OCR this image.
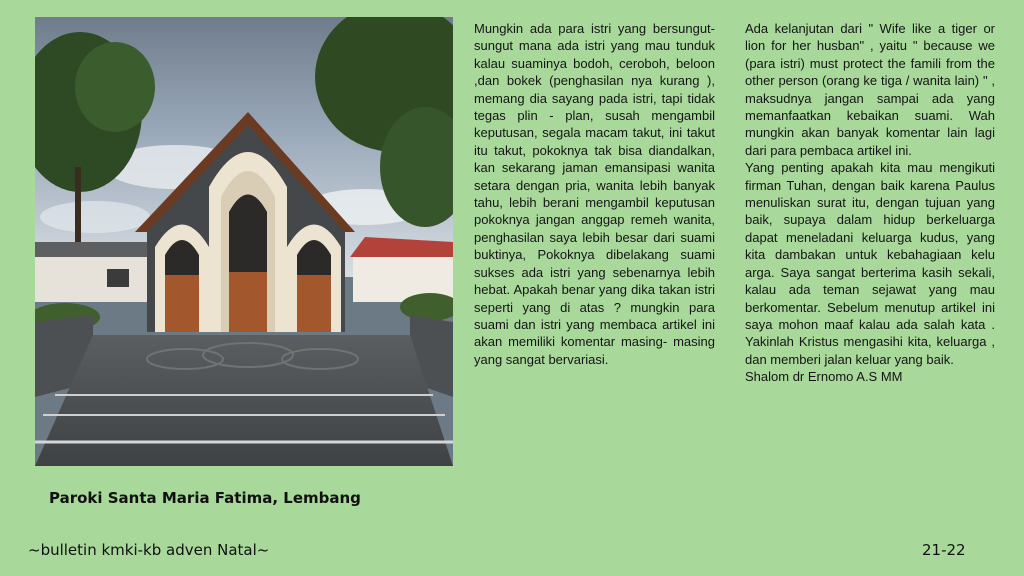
Paroki Santa Maria Fatima, Lembang

Mungkin ada para istri yang bersungut-sungut mana ada istri yang mau tunduk kalau suaminya bodoh, ceroboh, beloon ,dan bokek (penghasilan nya kurang ), memang dia sayang pada istri, tapi tidak tegas plin - plan, susah mengambil keputusan, segala macam takut, ini takut itu takut, pokoknya tak bisa diandalkan, kan sekarang jaman emansipasi wanita setara dengan pria, wanita lebih banyak tahu, lebih berani mengambil keputusan pokoknya jangan anggap remeh wanita, penghasilan saya lebih besar dari suami buktinya, Pokoknya dibelakang suami sukses ada istri yang sebenarnya lebih hebat. Apakah benar yang dika takan istri seperti yang di atas ? mungkin para suami dan istri yang membaca artikel ini akan memiliki komentar masing- masing yang sangat bervariasi.

Ada kelanjutan dari " Wife like a tiger or lion for her husban" , yaitu " because we (para istri) must protect the famili from the other person (orang ke tiga / wanita lain) " , maksudnya jangan sampai ada yang memanfaatkan kebaikan suami. Wah mungkin akan banyak komentar lain lagi dari para pembaca artikel ini.

Yang penting apakah kita mau mengikuti firman Tuhan, dengan baik karena Paulus menuliskan surat itu, dengan tujuan yang baik, supaya dalam hidup berkeluarga dapat meneladani keluarga kudus, yang kita dambakan untuk kebahagiaan kelu arga. Saya sangat berterima kasih sekali, kalau ada teman sejawat yang mau berkomentar. Sebelum menutup artikel ini saya mohon maaf kalau ada salah kata . Yakinlah Kristus mengasihi kita, keluarga , dan memberi jalan keluar yang baik.

Shalom dr Ernomo A.S MM

~bulletin kmki-kb adven Natal~	21-22
